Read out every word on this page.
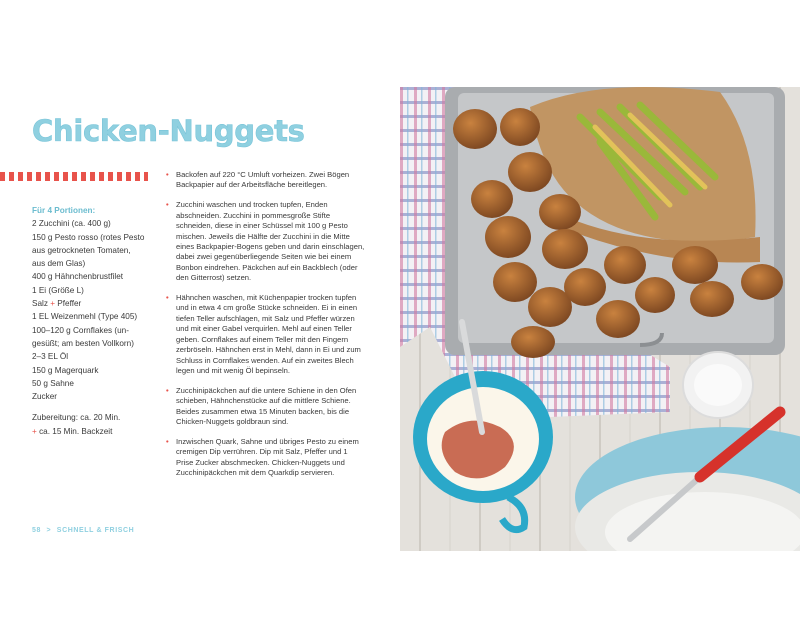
Chicken-Nuggets
Für 4 Portionen:
2 Zucchini (ca. 400 g)
150 g Pesto rosso (rotes Pesto
aus getrockneten Tomaten,
aus dem Glas)
400 g Hähnchenbrustfilet
1 Ei (Größe L)
Salz + Pfeffer
1 EL Weizenmehl (Type 405)
100–120 g Cornflakes (un-
gesüßt; am besten Vollkorn)
2–3 EL Öl
150 g Magerquark
50 g Sahne
Zucker
Zubereitung: ca. 20 Min.
+ ca. 15 Min. Backzeit
• Backofen auf 220 °C Umluft vorheizen. Zwei Bögen Backpapier auf der Arbeitsfläche bereitlegen.
• Zucchini waschen und trocken tupfen, Enden abschneiden. Zucchini in pommesgroße Stifte schneiden, diese in einer Schüssel mit 100 g Pesto mischen. Jeweils die Hälfte der Zucchini in die Mitte eines Backpapier-Bogens geben und darin einschlagen, dabei zwei gegenüberliegende Seiten wie bei einem Bonbon eindrehen. Päckchen auf ein Backblech (oder den Gitterrost) setzen.
• Hähnchen waschen, mit Küchenpapier trocken tupfen und in etwa 4 cm große Stücke schneiden. Ei in einen tiefen Teller aufschlagen, mit Salz und Pfeffer würzen und mit einer Gabel verquirlen. Mehl auf einen Teller geben. Cornflakes auf einem Teller mit den Fingern zerbröseln. Hähnchen erst in Mehl, dann in Ei und zum Schluss in Cornflakes wenden. Auf ein zweites Blech legen und mit wenig Öl bepinseln.
• Zucchinipäckchen auf die untere Schiene in den Ofen schieben, Hähnchenstücke auf die mittlere Schiene. Beides zusammen etwa 15 Minuten backen, bis die Chicken-Nuggets goldbraun sind.
• Inzwischen Quark, Sahne und übriges Pesto zu einem cremigen Dip verrühren. Dip mit Salz, Pfeffer und 1 Prise Zucker abschmecken. Chicken-Nuggets und Zucchinipäckchen mit dem Quarkdip servieren.
58 > SCHNELL & FRISCH
